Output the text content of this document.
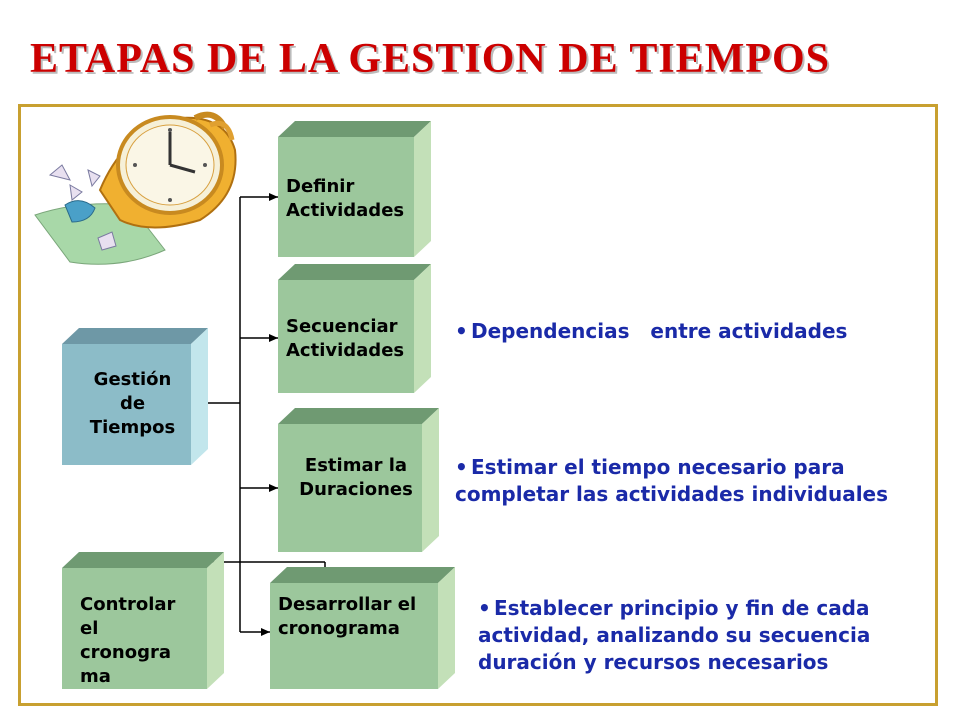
ETAPAS DE LA GESTION DE TIEMPOS
Definir
Actividades
Secuenciar
Actividades
Estimar la
Duraciones
Desarrollar el
cronograma
Gestión
de
Tiempos
Controlar
el
cronogra
ma
• Dependencias   entre actividades
• Estimar el tiempo necesario para completar las actividades individuales
• Establecer principio y fin de cada actividad, analizando su secuencia duración y recursos necesarios
